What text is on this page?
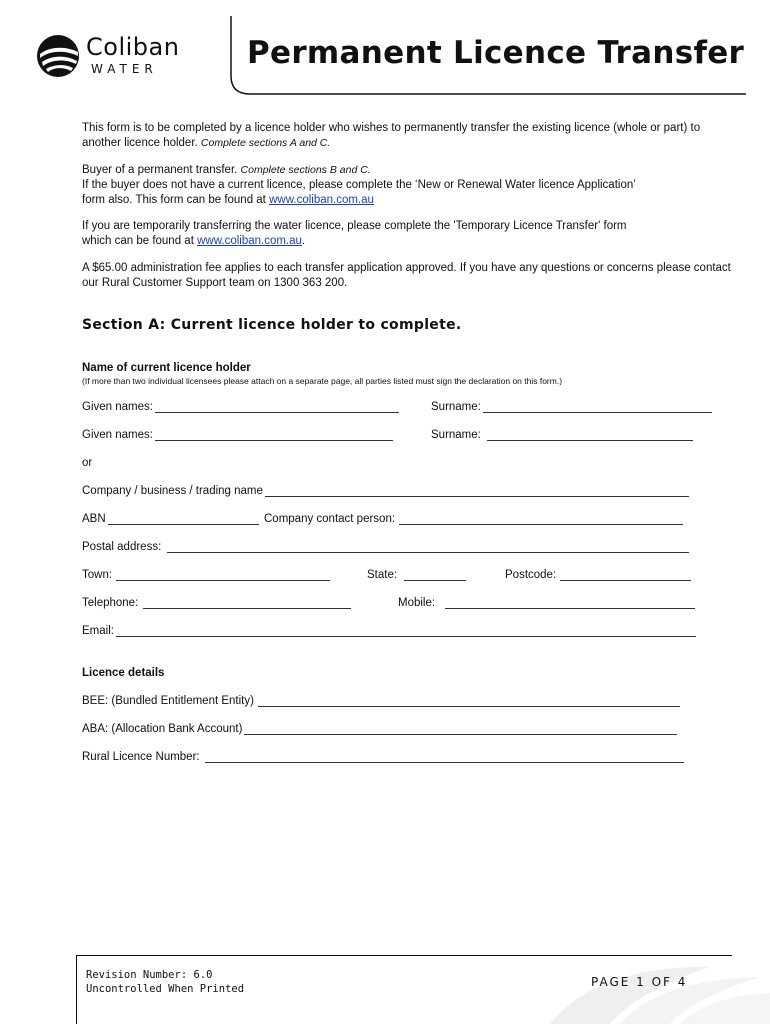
Coliban
WATER	Permanent Licence Transfer
This form is to be completed by a licence holder who wishes to permanently transfer the existing licence (whole or part) to another licence holder. Complete sections A and C.
Buyer of a permanent transfer. Complete sections B and C.
If the buyer does not have a current licence, please complete the ‘New or Renewal Water licence Application’
form also. This form can be found at www.coliban.com.au
If you are temporarily transferring the water licence, please complete the 'Temporary Licence Transfer' form
which can be found at www.coliban.com.au.
A $65.00 administration fee applies to each transfer application approved. If you have any questions or concerns please contact our Rural Customer Support team on 1300 363 200.
Section A: Current licence holder to complete.
Name of current licence holder
(If more than two individual licensees please attach on a separate page, all parties listed must sign the declaration on this form.)
Given names:	Surname:
Given names:	Surname:
or
Company / business / trading name
ABN	Company contact person:
Postal address:
Town:	State:	Postcode:
Telephone:	Mobile:
Email:
Licence details
BEE: (Bundled Entitlement Entity)
ABA: (Allocation Bank Account)
Rural Licence Number:
Revision Number: 6.0
Uncontrolled When Printed	PAGE 1 OF 4
